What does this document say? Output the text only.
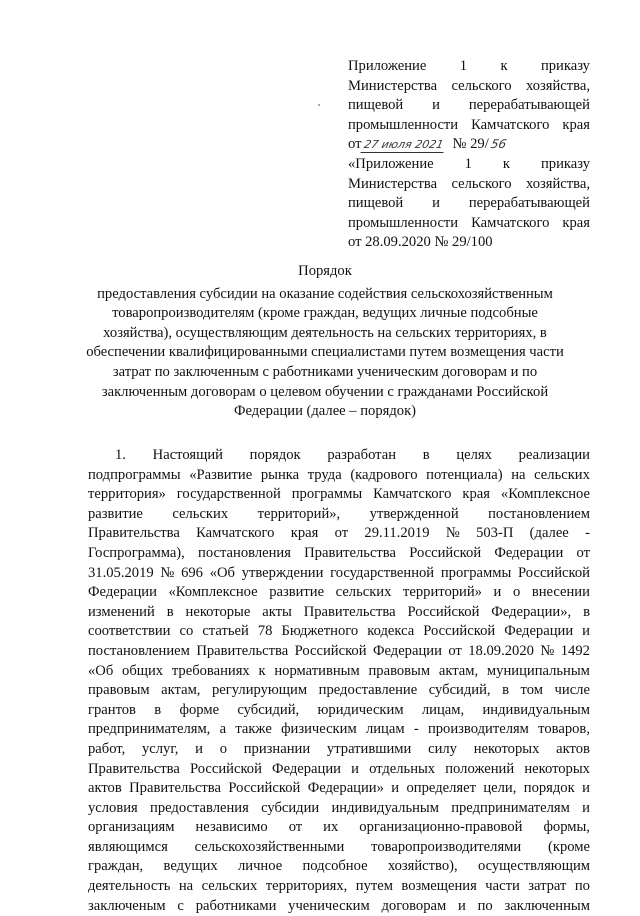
Приложение 1 к приказу
Министерства сельского хозяйства,
пищевой и перерабатывающей
промышленности Камчатского края
от 27 июля 2021 № 29/ 56
«Приложение 1 к приказу
Министерства сельского хозяйства,
пищевой и перерабатывающей
промышленности Камчатского края
от 28.09.2020 № 29/100
Порядок
предоставления субсидии на оказание содействия сельскохозяйственным
товаропроизводителям (кроме граждан, ведущих личные подсобные
хозяйства), осуществляющим деятельность на сельских территориях, в
обеспечении квалифицированными специалистами путем возмещения части
затрат по заключенным с работниками ученическим договорам и по
заключенным договорам о целевом обучении с гражданами Российской
Федерации (далее – порядок)
1. Настоящий порядок разработан в целях реализации
подпрограммы «Развитие рынка труда (кадрового потенциала) на сельских
территория» государственной программы Камчатского края «Комплексное
развитие сельских территорий», утвержденной постановлением
Правительства Камчатского края от 29.11.2019 № 503-П (далее -
Госпрограмма), постановления Правительства Российской Федерации от
31.05.2019 № 696 «Об утверждении государственной программы Российской
Федерации «Комплексное развитие сельских территорий» и о внесении
изменений в некоторые акты Правительства Российской Федерации», в
соответствии со статьей 78 Бюджетного кодекса Российской Федерации и
постановлением Правительства Российской Федерации от 18.09.2020 № 1492
«Об общих требованиях к нормативным правовым актам, муниципальным
правовым актам, регулирующим предоставление субсидий, в том числе
грантов в форме субсидий, юридическим лицам, индивидуальным
предпринимателям, а также физическим лицам - производителям товаров,
работ, услуг, и о признании утратившими силу некоторых актов
Правительства Российской Федерации и отдельных положений некоторых
актов Правительства Российской Федерации» и определяет цели, порядок и
условия предоставления субсидии индивидуальным предпринимателям и
организациям независимо от их организационно-правовой формы,
являющимся сельскохозяйственными товаропроизводителями (кроме
граждан, ведущих личное подсобное хозяйство), осуществляющим
деятельность на сельских территориях, путем возмещения части затрат по
заключеным с работниками ученическим договорам и по заключенным
